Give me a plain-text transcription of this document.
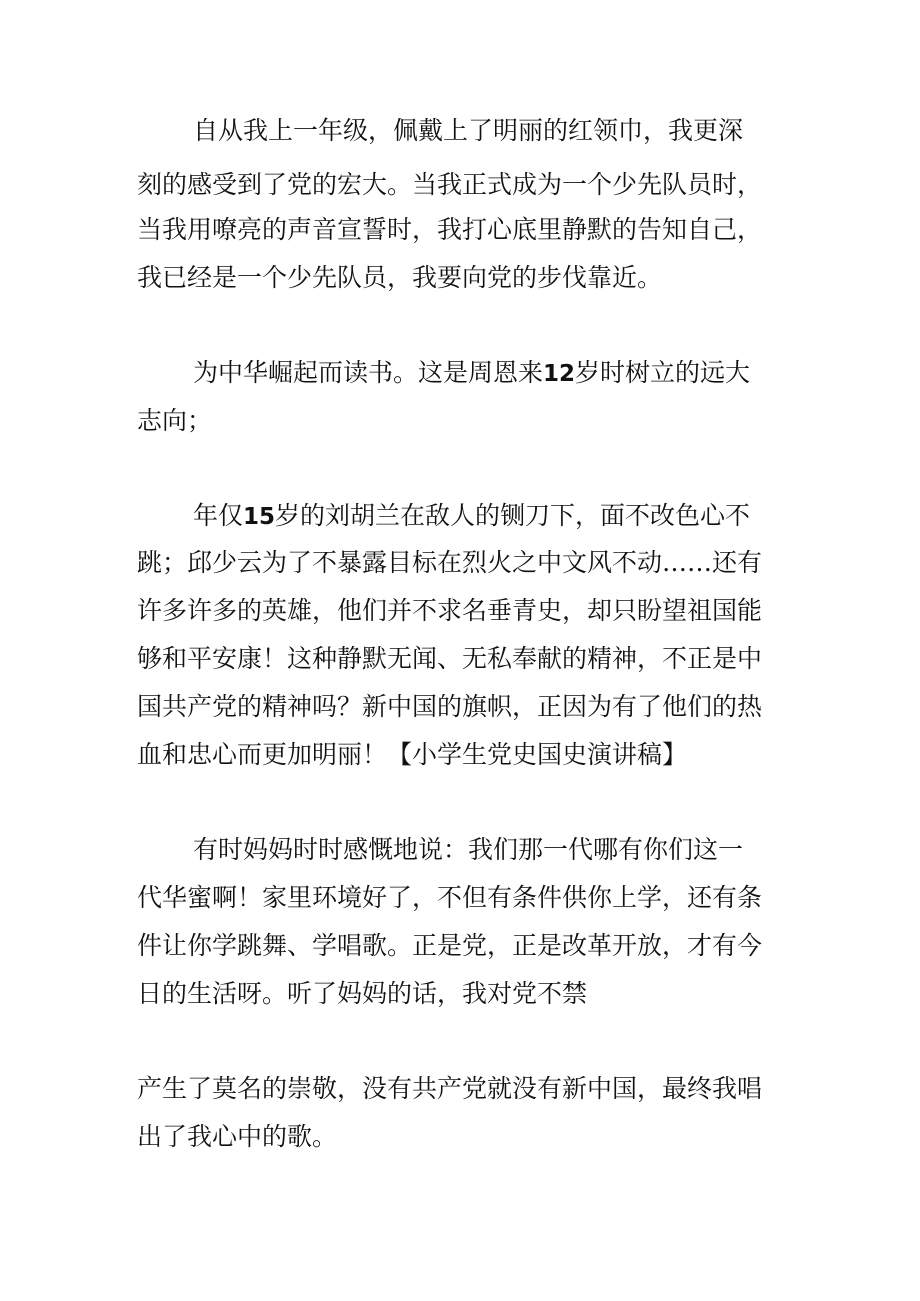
自从我上一年级，佩戴上了明丽的红领巾，我更深
刻的感受到了党的宏大。当我正式成为一个少先队员时，
当我用嘹亮的声音宣誓时，我打心底里静默的告知自己，
我已经是一个少先队员，我要向党的步伐靠近。
为中华崛起而读书。这是周恩来12岁时树立的远大
志向；
年仅15岁的刘胡兰在敌人的铡刀下，面不改色心不
跳；邱少云为了不暴露目标在烈火之中文风不动……还有
许多许多的英雄，他们并不求名垂青史，却只盼望祖国能
够和平安康！这种静默无闻、无私奉献的精神，不正是中
国共产党的精神吗？新中国的旗帜，正因为有了他们的热
血和忠心而更加明丽！【小学生党史国史演讲稿】
有时妈妈时时感慨地说：我们那一代哪有你们这一
代华蜜啊！家里环境好了，不但有条件供你上学，还有条
件让你学跳舞、学唱歌。正是党，正是改革开放，才有今
日的生活呀。听了妈妈的话，我对党不禁
产生了莫名的崇敬，没有共产党就没有新中国，最终我唱
出了我心中的歌。
